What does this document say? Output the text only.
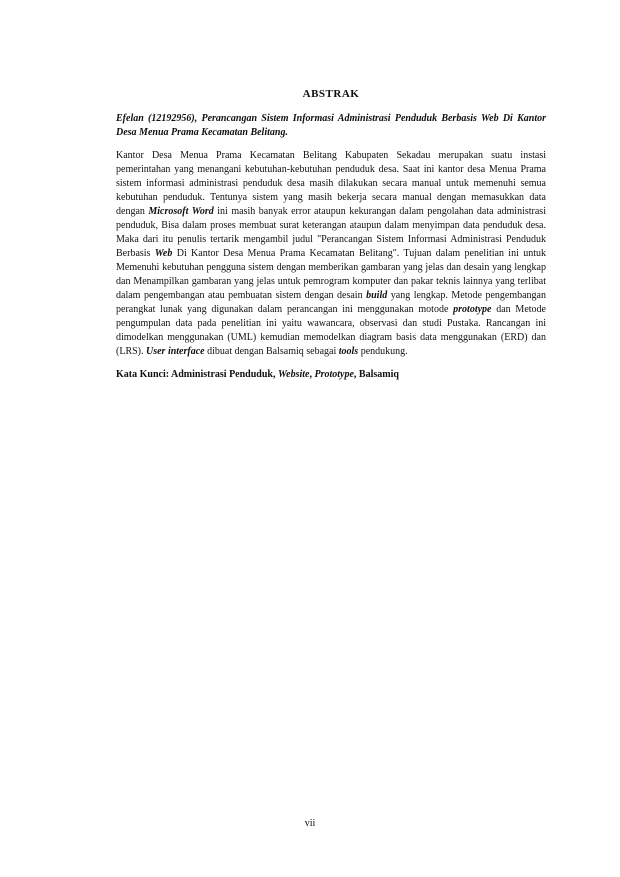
ABSTRAK

Efelan (12192956), Perancangan Sistem Informasi Administrasi Penduduk Berbasis Web Di Kantor Desa Menua Prama Kecamatan Belitang.

Kantor Desa Menua Prama Kecamatan Belitang Kabupaten Sekadau merupakan suatu instasi pemerintahan yang menangani kebutuhan-kebutuhan penduduk desa. Saat ini kantor desa Menua Prama sistem informasi administrasi penduduk desa masih dilakukan secara manual untuk memenuhi semua kebutuhan penduduk. Tentunya sistem yang masih bekerja secara manual dengan memasukkan data dengan Microsoft Word ini masih banyak error ataupun kekurangan dalam pengolahan data administrasi penduduk, Bisa dalam proses membuat surat keterangan ataupun dalam menyimpan data penduduk desa. Maka dari itu penulis tertarik mengambil judul "Perancangan Sistem Informasi Administrasi Penduduk Berbasis Web Di Kantor Desa Menua Prama Kecamatan Belitang". Tujuan dalam penelitian ini untuk Memenuhi kebutuhan pengguna sistem dengan memberikan gambaran yang jelas dan desain yang lengkap dan Menampilkan gambaran yang jelas untuk pemrogram komputer dan pakar teknis lainnya yang terlibat dalam pengembangan atau pembuatan sistem dengan desain build yang lengkap. Metode pengembangan perangkat lunak yang digunakan dalam perancangan ini menggunakan motode prototype dan Metode pengumpulan data pada penelitian ini yaitu wawancara, observasi dan studi Pustaka. Rancangan ini dimodelkan menggunakan (UML) kemudian memodelkan diagram basis data menggunakan (ERD) dan (LRS). User interface dibuat dengan Balsamiq sebagai tools pendukung.

Kata Kunci: Administrasi Penduduk, Website, Prototype, Balsamiq

vii
